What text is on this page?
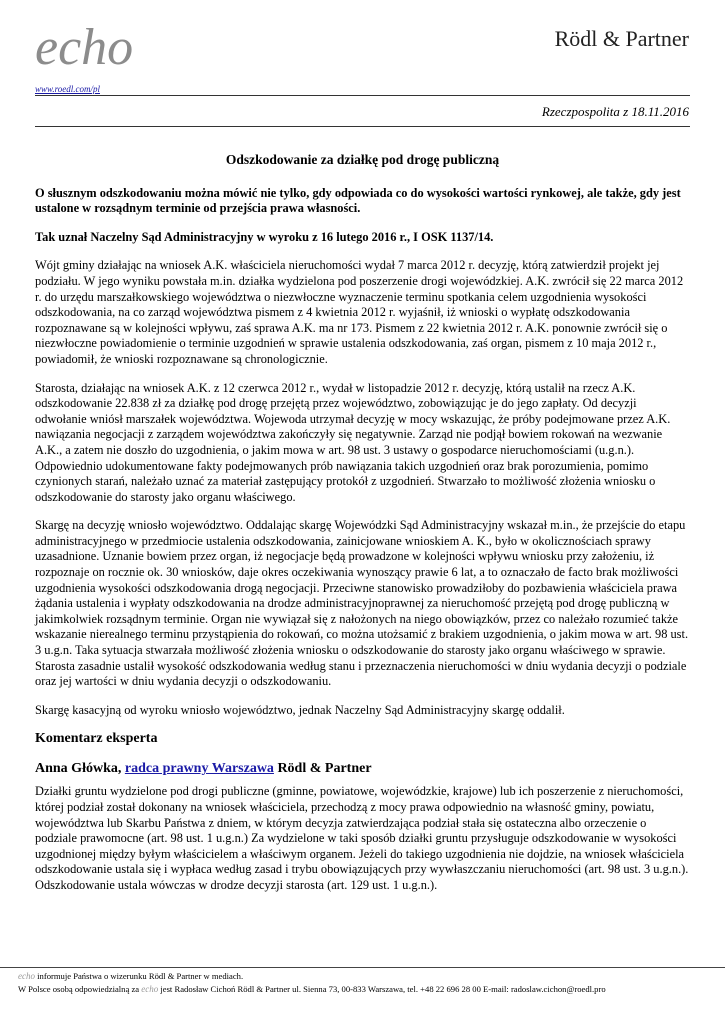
echo
www.roedl.com/pl
Rödl & Partner
Rzeczpospolita z 18.11.2016
Odszkodowanie za działkę pod drogę publiczną

O słusznym odszkodowaniu można mówić nie tylko, gdy odpowiada co do wysokości wartości rynkowej, ale także, gdy jest ustalone w rozsądnym terminie od przejścia prawa własności.

Tak uznał Naczelny Sąd Administracyjny w wyroku z 16 lutego 2016 r., I OSK 1137/14.

Wójt gminy działając na wniosek A.K. właściciela nieruchomości wydał 7 marca 2012 r. decyzję, którą zatwierdził projekt jej podziału. W jego wyniku powstała m.in. działka wydzielona pod poszerzenie drogi wojewódzkiej. A.K. zwrócił się 22 marca 2012 r. do urzędu marszałkowskiego województwa o niezwłoczne wyznaczenie terminu spotkania celem uzgodnienia wysokości odszkodowania, na co zarząd województwa pismem z 4 kwietnia 2012 r. wyjaśnił, iż wnioski o wypłatę odszkodowania rozpoznawane są w kolejności wpływu, zaś sprawa A.K. ma nr 173. Pismem z 22 kwietnia 2012 r. A.K. ponownie zwrócił się o niezwłoczne powiadomienie o terminie uzgodnień w sprawie ustalenia odszkodowania, zaś organ, pismem z 10 maja 2012 r., powiadomił, że wnioski rozpoznawane są chronologicznie.

Starosta, działając na wniosek A.K. z 12 czerwca 2012 r., wydał w listopadzie 2012 r. decyzję, którą ustalił na rzecz A.K. odszkodowanie 22.838 zł za działkę pod drogę przejętą przez województwo, zobowiązując je do jego zapłaty. Od decyzji odwołanie wniósł marszałek województwa. Wojewoda utrzymał decyzję w mocy wskazując, że próby podejmowane przez A.K. nawiązania negocjacji z zarządem województwa zakończyły się negatywnie. Zarząd nie podjął bowiem rokowań na wezwanie A.K., a zatem nie doszło do uzgodnienia, o jakim mowa w art. 98 ust. 3 ustawy o gospodarce nieruchomościami (u.g.n.). Odpowiednio udokumentowane fakty podejmowanych prób nawiązania takich uzgodnień oraz brak porozumienia, pomimo czynionych starań, należało uznać za materiał zastępujący protokół z uzgodnień. Stwarzało to możliwość złożenia wniosku o odszkodowanie do starosty jako organu właściwego.

Skargę na decyzję wniosło województwo. Oddalając skargę Wojewódzki Sąd Administracyjny wskazał m.in., że przejście do etapu administracyjnego w przedmiocie ustalenia odszkodowania, zainicjowane wnioskiem A. K., było w okolicznościach sprawy uzasadnione. Uznanie bowiem przez organ, iż negocjacje będą prowadzone w kolejności wpływu wniosku przy założeniu, iż rozpoznaje on rocznie ok. 30 wniosków, daje okres oczekiwania wynoszący prawie 6 lat, a to oznaczało de facto brak możliwości uzgodnienia wysokości odszkodowania drogą negocjacji. Przeciwne stanowisko prowadziłoby do pozbawienia właściciela prawa żądania ustalenia i wypłaty odszkodowania na drodze administracyjnoprawnej za nieruchomość przejętą pod drogę publiczną w jakimkolwiek rozsądnym terminie. Organ nie wywiązał się z nałożonych na niego obowiązków, przez co należało rozumieć także wskazanie nierealnego terminu przystąpienia do rokowań, co można utożsamić z brakiem uzgodnienia, o jakim mowa w art. 98 ust. 3 u.g.n. Taka sytuacja stwarzała możliwość złożenia wniosku o odszkodowanie do starosty jako organu właściwego w sprawie. Starosta zasadnie ustalił wysokość odszkodowania według stanu i przeznaczenia nieruchomości w dniu wydania decyzji o podziale oraz jej wartości w dniu wydania decyzji o odszkodowaniu.

Skargę kasacyjną od wyroku wniosło województwo, jednak Naczelny Sąd Administracyjny skargę oddalił.

Komentarz eksperta
Anna Główka, radca prawny Warszawa Rödl & Partner

Działki gruntu wydzielone pod drogi publiczne (gminne, powiatowe, wojewódzkie, krajowe) lub ich poszerzenie z nieruchomości, której podział został dokonany na wniosek właściciela, przechodzą z mocy prawa odpowiednio na własność gminy, powiatu, województwa lub Skarbu Państwa z dniem, w którym decyzja zatwierdzająca podział stała się ostateczna albo orzeczenie o podziale prawomocne (art. 98 ust. 1 u.g.n.) Za wydzielone w taki sposób działki gruntu przysługuje odszkodowanie w wysokości uzgodnionej między byłym właścicielem a właściwym organem. Jeżeli do takiego uzgodnienia nie dojdzie, na wniosek właściciela odszkodowanie ustala się i wypłaca według zasad i trybu obowiązujących przy wywłaszczaniu nieruchomości (art. 98 ust. 3 u.g.n.). Odszkodowanie ustala wówczas w drodze decyzji starosta (art. 129 ust. 1 u.g.n.).

echo informuje Państwa o wizerunku Rödl & Partner w mediach.
W Polsce osobą odpowiedzialną za echo jest Radosław Cichoń Rödl & Partner ul. Sienna 73, 00-833 Warszawa, tel. +48 22 696 28 00 E-mail: radoslaw.cichon@roedl.pro
